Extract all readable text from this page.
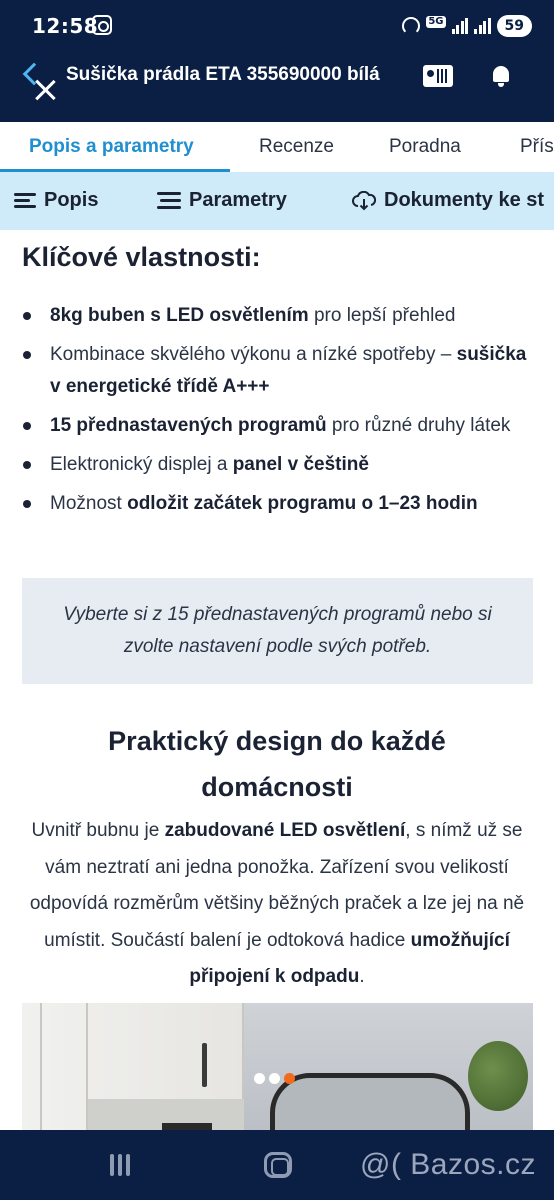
12:58	5G	59
Sušička prádla ETA 355690000 bílá
Popis a parametry	Recenze	Poradna	Přís
Popis	Parametry	Dokumenty ke st
Klíčové vlastnosti:
8kg buben s LED osvětlením pro lepší přehled
Kombinace skvělého výkonu a nízké spotřeby – sušička v energetické třídě A+++
15 přednastavených programů pro různé druhy látek
Elektronický displej a panel v češtině
Možnost odložit začátek programu o 1–23 hodin
Vyberte si z 15 přednastavených programů nebo si zvolte nastavení podle svých potřeb.
Praktický design do každé domácnosti

Uvnitř bubnu je zabudované LED osvětlení, s nímž už se vám neztratí ani jedna ponožka. Zařízení svou velikostí odpovídá rozměrům většiny běžných praček a lze jej na ně umístit. Součástí balení je odtoková hadice umožňující připojení k odpadu.

@( Bazos.cz
